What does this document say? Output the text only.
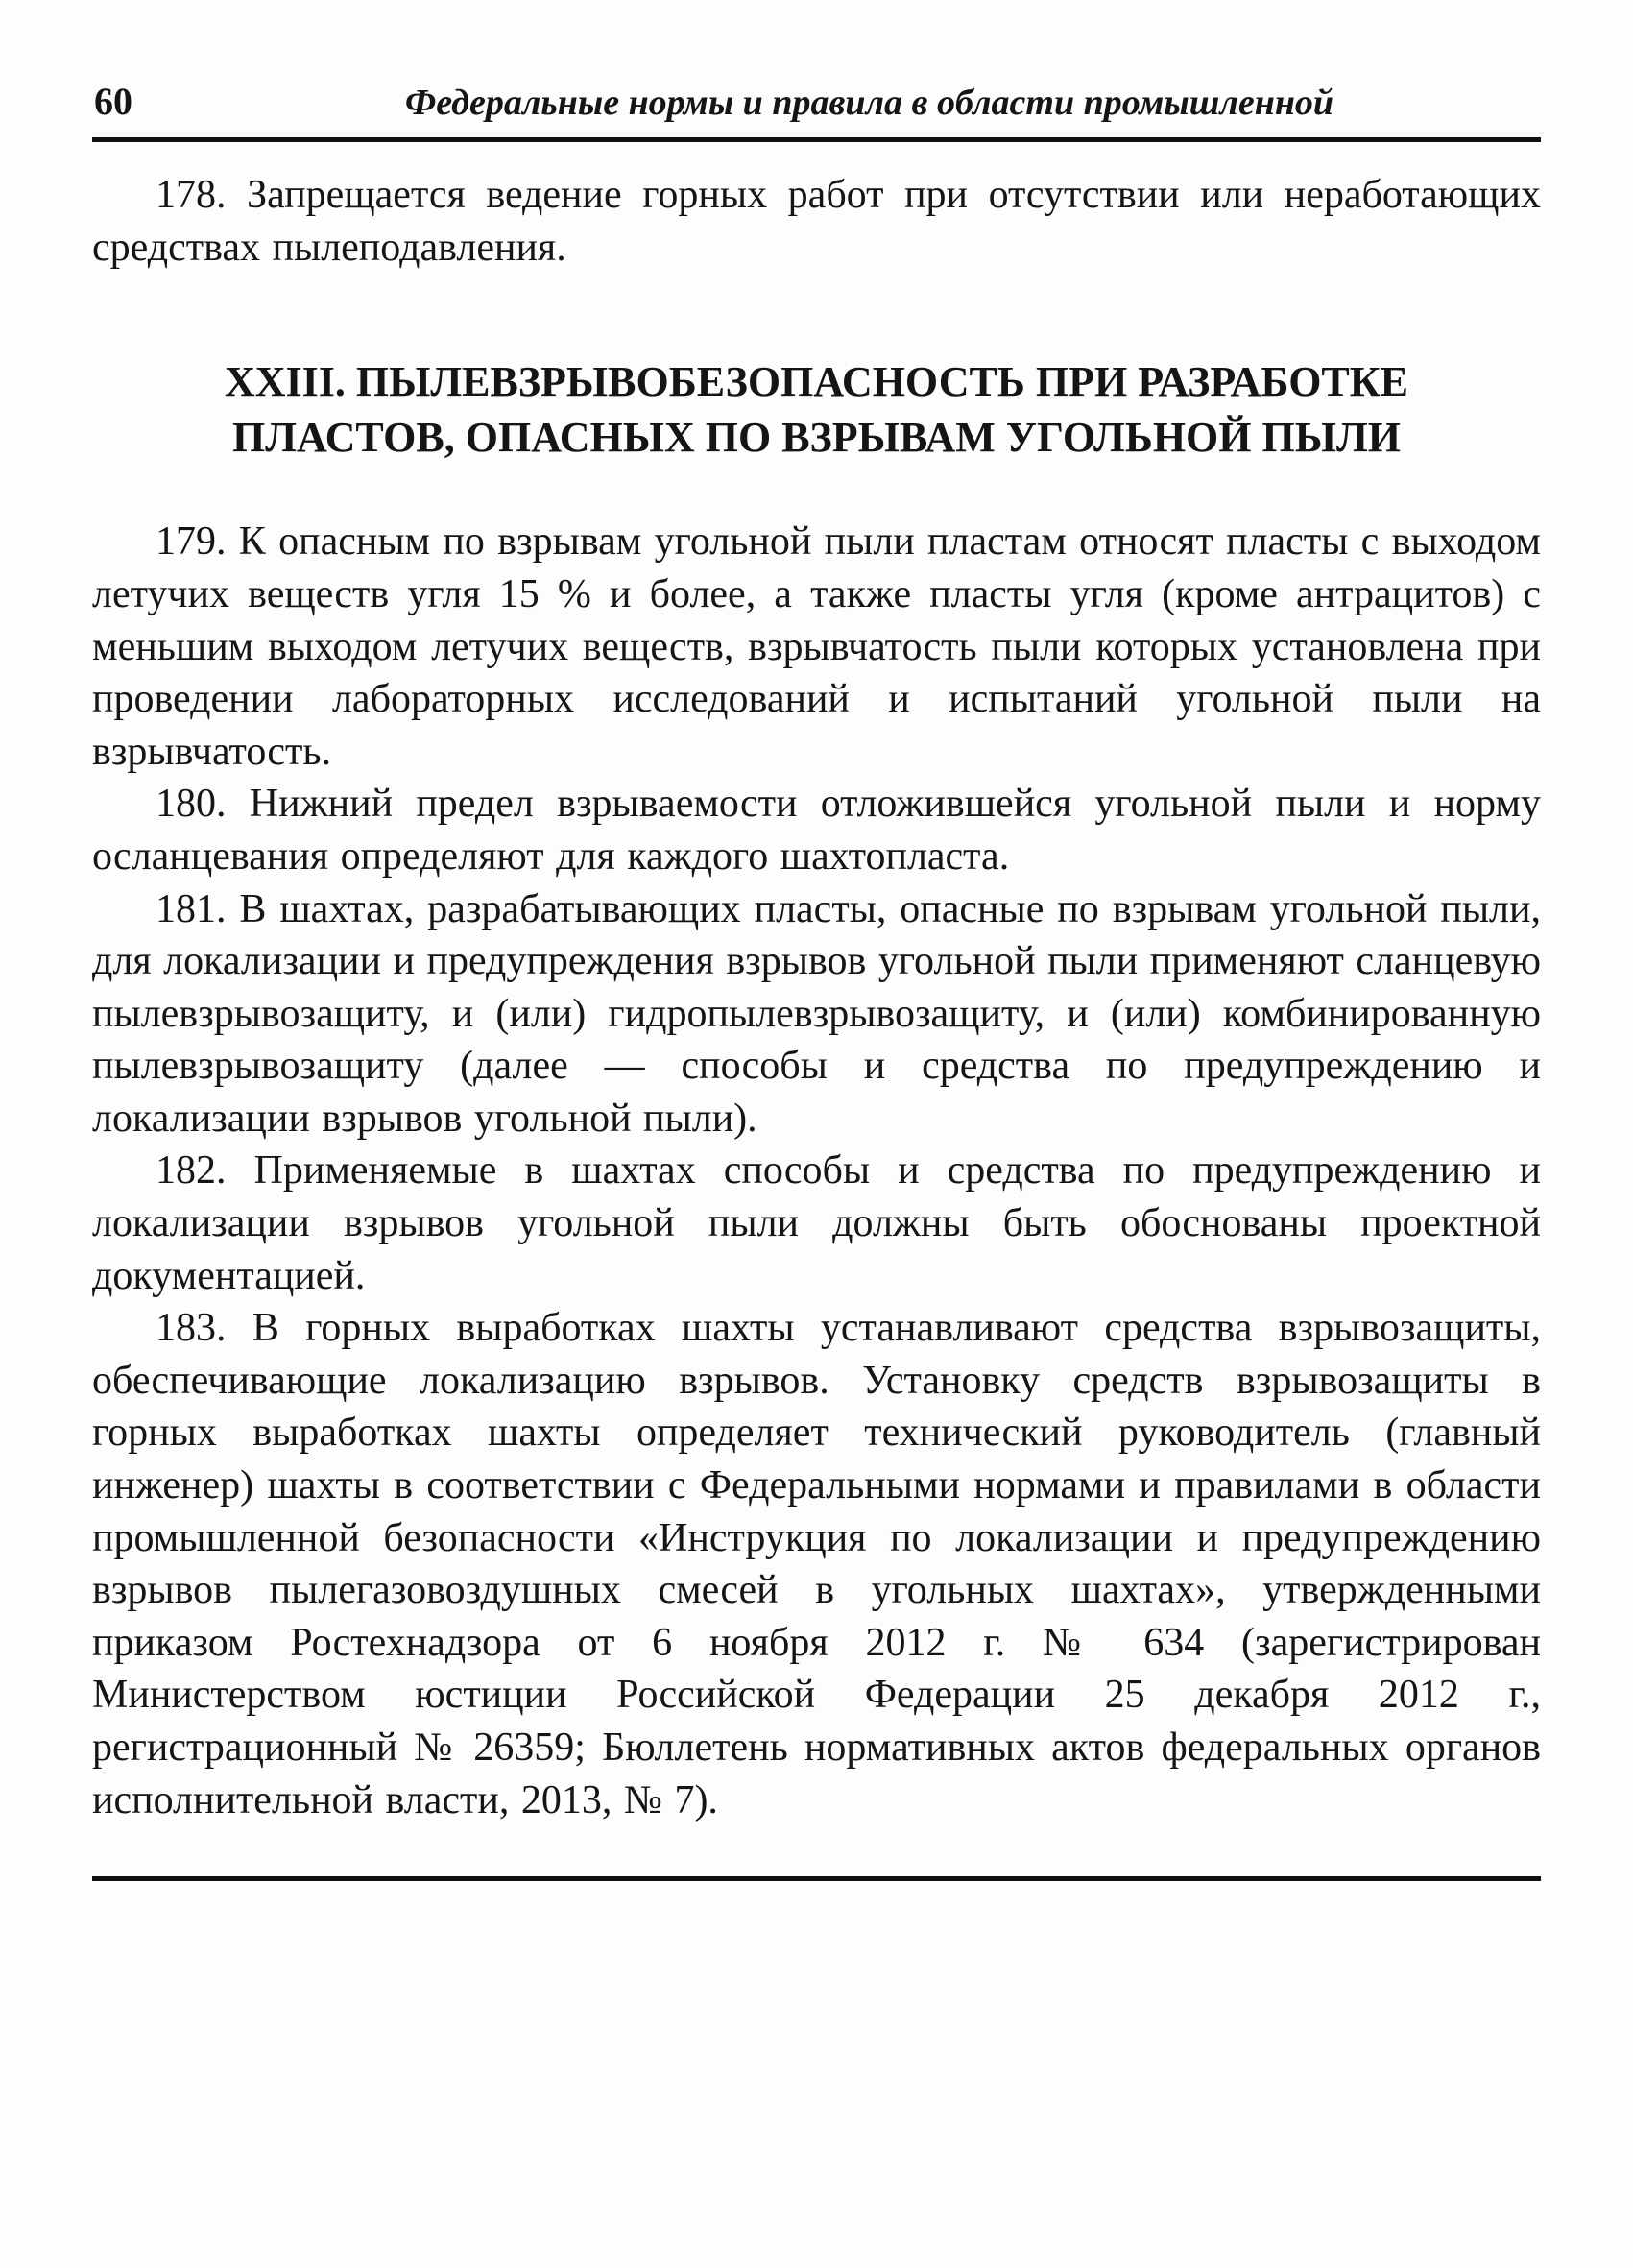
60	Федеральные нормы и правила в области промышленной

178. Запрещается ведение горных работ при отсутствии или неработающих средствах пылеподавления.

XXIII. ПЫЛЕВЗРЫВОБЕЗОПАСНОСТЬ ПРИ РАЗРАБОТКЕ
ПЛАСТОВ, ОПАСНЫХ ПО ВЗРЫВАМ УГОЛЬНОЙ ПЫЛИ

179. К опасным по взрывам угольной пыли пластам относят пласты с выходом летучих веществ угля 15 % и более, а также пласты угля (кроме антрацитов) с меньшим выходом летучих веществ, взрывчатость пыли которых установлена при проведении лабораторных исследований и испытаний угольной пыли на взрывчатость.

180. Нижний предел взрываемости отложившейся угольной пыли и норму осланцевания определяют для каждого шахтопласта.

181. В шахтах, разрабатывающих пласты, опасные по взрывам угольной пыли, для локализации и предупреждения взрывов угольной пыли применяют сланцевую пылевзрывозащиту, и (или) гидропылевзрывозащиту, и (или) комбинированную пылевзрывозащиту (далее — способы и средства по предупреждению и локализации взрывов угольной пыли).

182. Применяемые в шахтах способы и средства по предупреждению и локализации взрывов угольной пыли должны быть обоснованы проектной документацией.

183. В горных выработках шахты устанавливают средства взрывозащиты, обеспечивающие локализацию взрывов. Установку средств взрывозащиты в горных выработках шахты определяет технический руководитель (главный инженер) шахты в соответствии с Федеральными нормами и правилами в области промышленной безопасности «Инструкция по локализации и предупреждению взрывов пылегазовоздушных смесей в угольных шахтах», утвержденными приказом Ростехнадзора от 6 ноября 2012 г. № 634 (зарегистрирован Министерством юстиции Российской Федерации 25 декабря 2012 г., регистрационный № 26359; Бюллетень нормативных актов федеральных органов исполнительной власти, 2013, № 7).
